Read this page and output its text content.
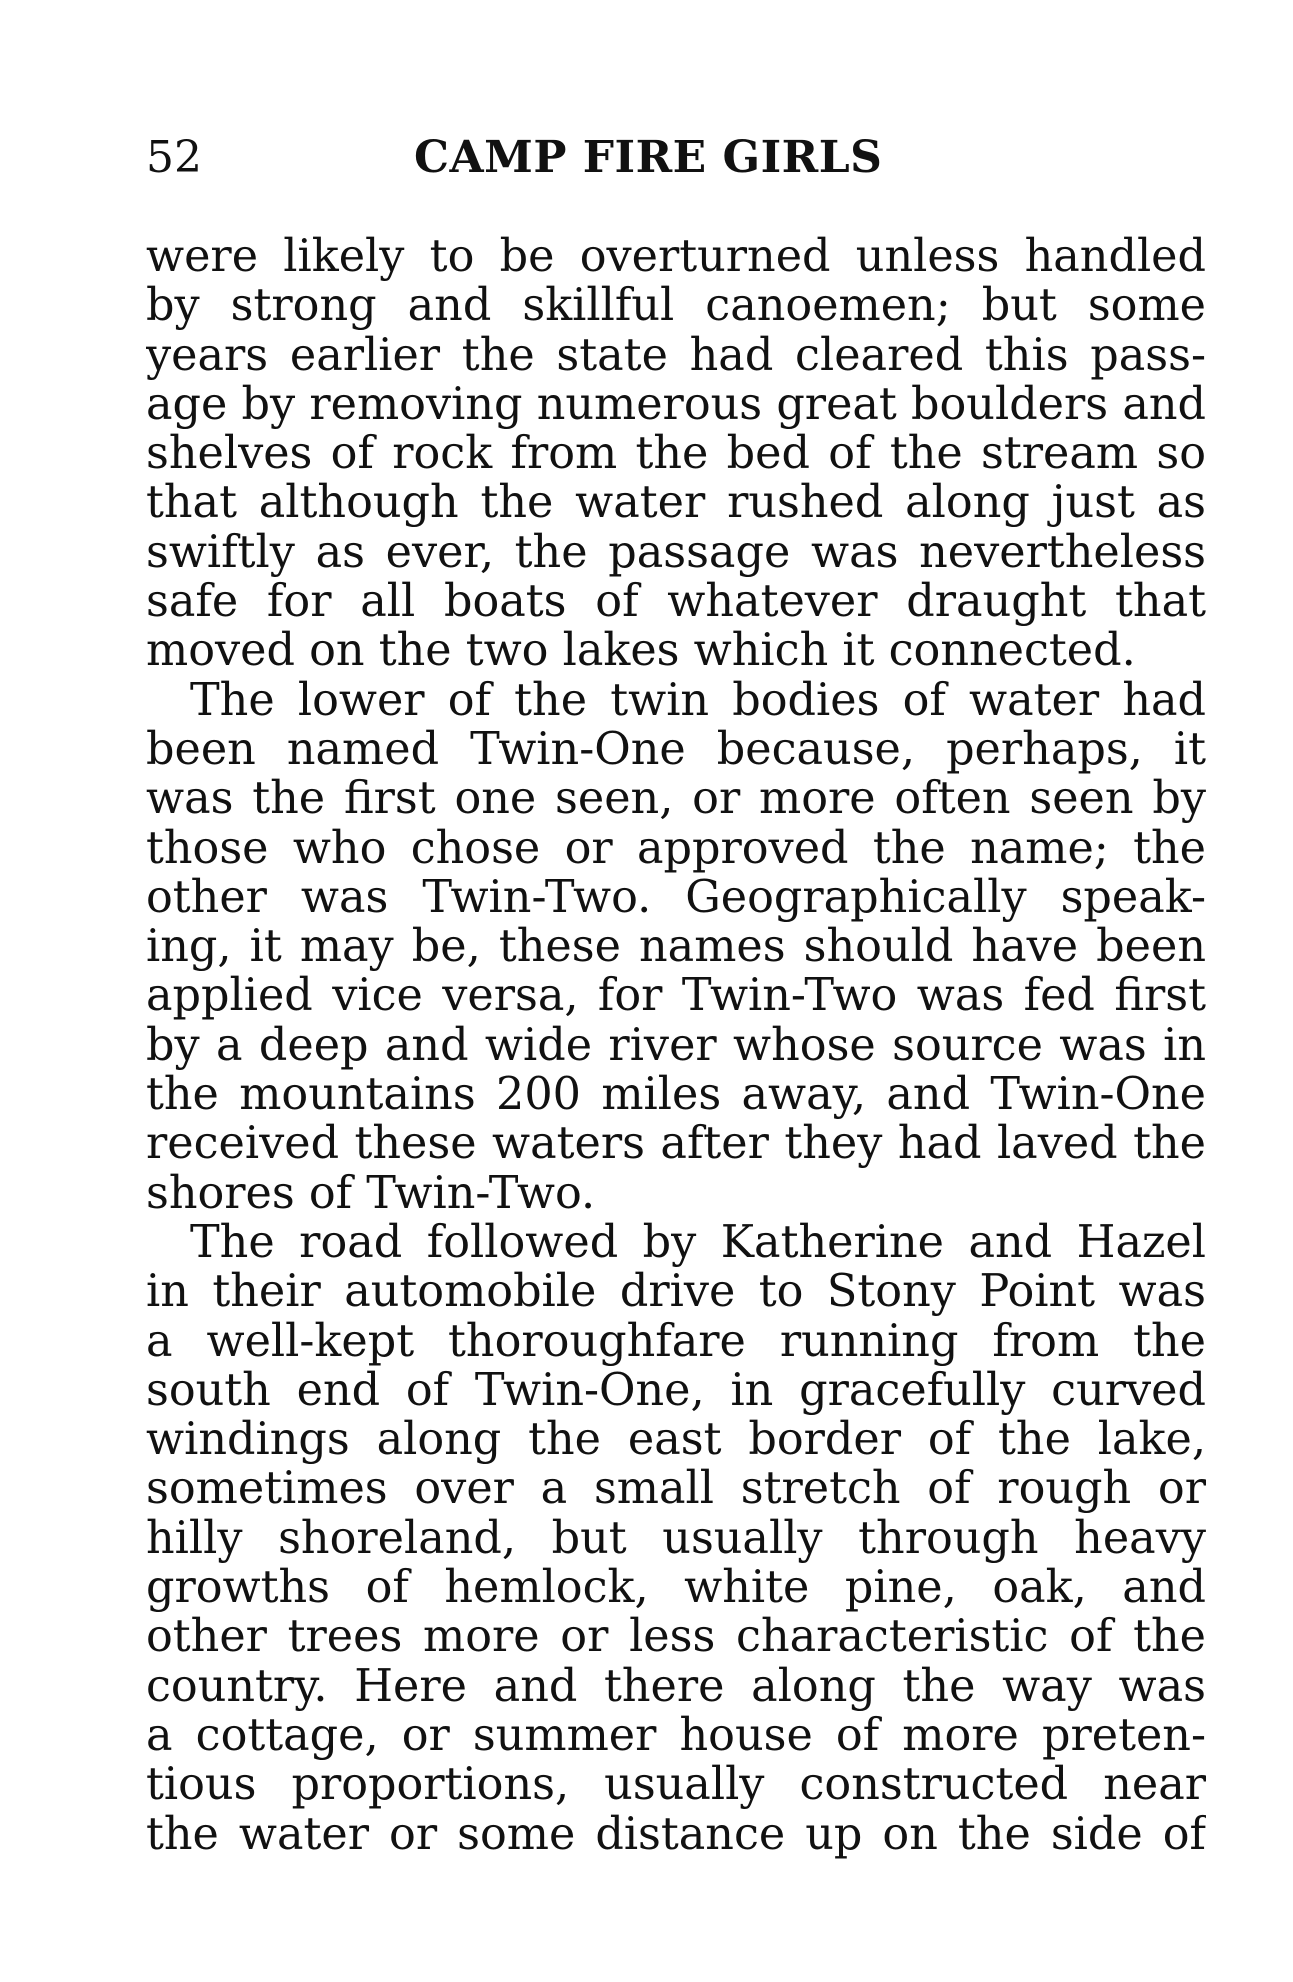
52	CAMP FIRE GIRLS
were likely to be overturned unless handled
by strong and skillful canoemen; but some
years earlier the state had cleared this pass-
age by removing numerous great boulders and
shelves of rock from the bed of the stream so
that although the water rushed along just as
swiftly as ever, the passage was nevertheless
safe for all boats of whatever draught that
moved on the two lakes which it connected.
The lower of the twin bodies of water had
been named Twin-One because, perhaps, it
was the first one seen, or more often seen by
those who chose or approved the name; the
other was Twin-Two. Geographically speak-
ing, it may be, these names should have been
applied vice versa, for Twin-Two was fed first
by a deep and wide river whose source was in
the mountains 200 miles away, and Twin-One
received these waters after they had laved the
shores of Twin-Two.
The road followed by Katherine and Hazel
in their automobile drive to Stony Point was
a well-kept thoroughfare running from the
south end of Twin-One, in gracefully curved
windings along the east border of the lake,
sometimes over a small stretch of rough or
hilly shoreland, but usually through heavy
growths of hemlock, white pine, oak, and
other trees more or less characteristic of the
country. Here and there along the way was
a cottage, or summer house of more preten-
tious proportions, usually constructed near
the water or some distance up on the side of
